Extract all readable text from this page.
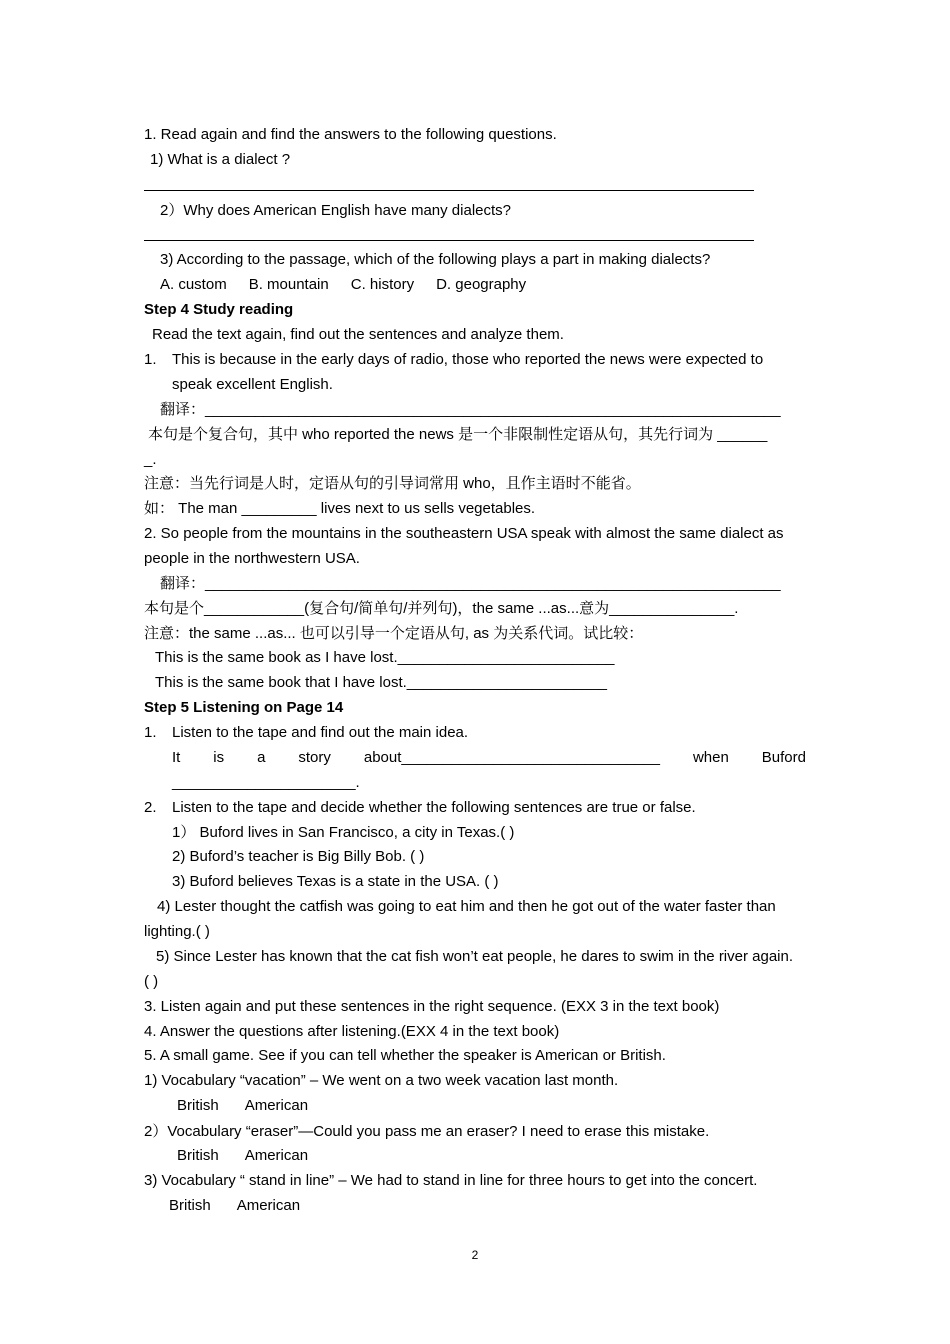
1. Read again and find the answers to the following questions.
1) What is a dialect ?
2）Why does American English have many dialects?
3) According to the passage, which of the following plays a part in making dialects?
A. custom B. mountain C. history D. geography
Step 4 Study reading
Read the text again, find out the sentences and analyze them.
1.	This is because in the early days of radio, those who reported the news were expected to
speak excellent English.
翻译：_____________________________________________________________________
本句是个复合句，其中 who reported the news 是一个非限制性定语从句，其先行词为 ______
_.
注意：当先行词是人时，定语从句的引导词常用 who，且作主语时不能省。
如： The man _________ lives next to us sells vegetables.
2. So people from the mountains in the southeastern USA speak with almost the same dialect as
people in the northwestern USA.
翻译：_____________________________________________________________________
本句是个____________(复合句/简单句/并列句)，the same ...as...意为_______________.
注意：the same ...as... 也可以引导一个定语从句, as 为关系代词。试比较：
This is the same book as I have lost.__________________________
This is the same book that I have lost.________________________
Step 5 Listening on Page 14
1.	Listen to the tape and find out the main idea.
It is a story about_______________________________ when Buford
______________________.
2.	Listen to the tape and decide whether the following sentences are true or false.
1） Buford lives in San Francisco, a city in Texas.( )
2) Buford’s teacher is Big Billy Bob. ( )
3) Buford believes Texas is a state in the USA. ( )
4) Lester thought the catfish was going to eat him and then he got out of the water faster than
lighting.( )
5) Since Lester has known that the cat fish won’t eat people, he dares to swim in the river again.
( )
3. Listen again and put these sentences in the right sequence. (EXX 3 in the text book)
4. Answer the questions after listening.(EXX 4 in the text book)
5. A small game. See if you can tell whether the speaker is American or British.
1) Vocabulary “vacation” – We went on a two week vacation last month.
British American
2）Vocabulary “eraser”—Could you pass me an eraser? I need to erase this mistake.
British American
3) Vocabulary “ stand in line” – We had to stand in line for three hours to get into the concert.
British American
2
